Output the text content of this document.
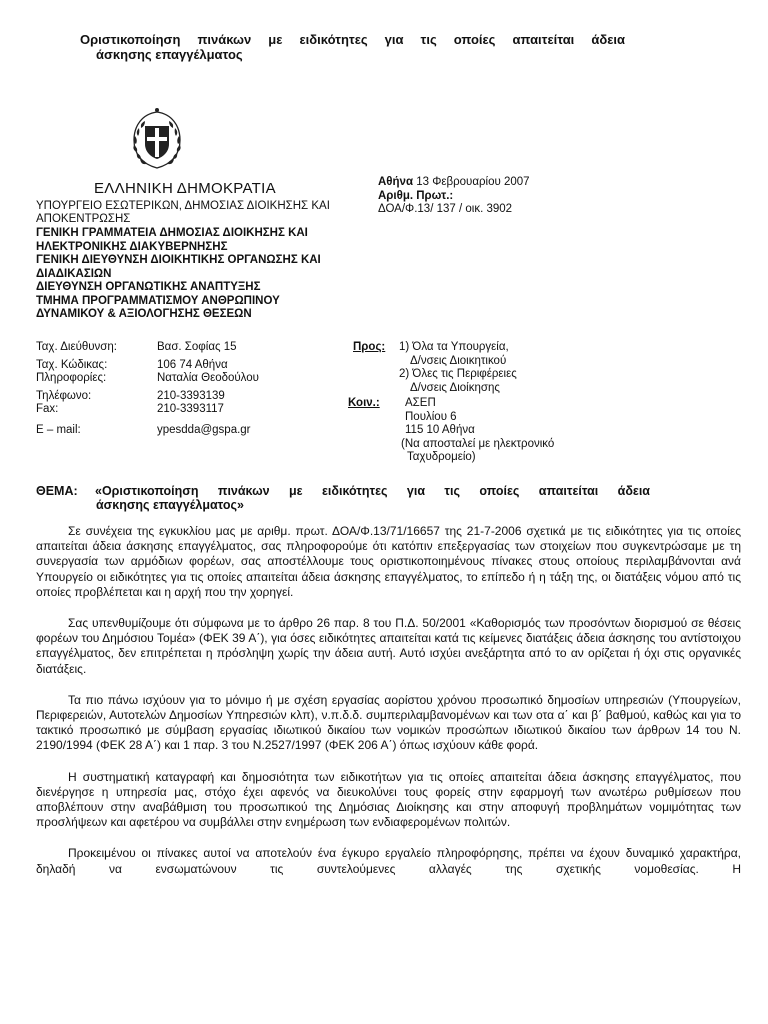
Οριστικοποίηση πινάκων με ειδικότητες για τις οποίες απαιτείται άδεια
άσκησης επαγγέλματος
ΕΛΛΗΝΙΚΗ ΔΗΜΟΚΡΑΤΙΑ
ΥΠΟΥΡΓΕΙΟ ΕΣΩΤΕΡΙΚΩΝ, ΔΗΜΟΣΙΑΣ ΔΙΟΙΚΗΣΗΣ ΚΑΙ ΑΠΟΚΕΝΤΡΩΣΗΣ
ΓΕΝΙΚΗ ΓΡΑΜΜΑΤΕΙΑ ΔΗΜΟΣΙΑΣ ΔΙΟΙΚΗΣΗΣ ΚΑΙ
ΗΛΕΚΤΡΟΝΙΚΗΣ ΔΙΑΚΥΒΕΡΝΗΣΗΣ
ΓΕΝΙΚΗ ΔΙΕΥΘΥΝΣΗ ΔΙΟΙΚΗΤΙΚΗΣ ΟΡΓΑΝΩΣΗΣ ΚΑΙ
ΔΙΑΔΙΚΑΣΙΩΝ
ΔΙΕΥΘΥΝΣΗ ΟΡΓΑΝΩΤΙΚΗΣ ΑΝΑΠΤΥΞΗΣ
ΤΜΗΜΑ ΠΡΟΓΡΑΜΜΑΤΙΣΜΟΥ ΑΝΘΡΩΠΙΝΟΥ
ΔΥΝΑΜΙΚΟΥ & ΑΞΙΟΛΟΓΗΣΗΣ ΘΕΣΕΩΝ
Αθήνα 13 Φεβρουαρίου 2007
Αριθμ. Πρωτ.:
ΔΟΑ/Φ.13/ 137 / οικ. 3902
Ταχ. Διεύθυνση:	Βασ. Σοφίας 15
Ταχ. Κώδικας:	106 74 Αθήνα
Πληροφορίες:	Ναταλία Θεοδούλου
Τηλέφωνο:	210-3393139
Fax:	210-3393117
E – mail:	ypesdda@gspa.gr
Προς: 1) Όλα τα Υπουργεία,
Δ/νσεις Διοικητικού
2) Όλες τις Περιφέρειες
Δ/νσεις Διοίκησης
Κοιν.:	ΑΣΕΠ
Πουλίου 6
115 10 Αθήνα
(Να αποσταλεί με ηλεκτρονικό
Ταχυδρομείο)
ΘΕΜΑ: «Οριστικοποίηση πινάκων με ειδικότητες για τις οποίες απαιτείται άδεια
άσκησης επαγγέλματος»

Σε συνέχεια της εγκυκλίου μας με αριθμ. πρωτ. ΔΟΑ/Φ.13/71/16657 της 21-7-2006 σχετικά με τις ειδικότητες για τις οποίες απαιτείται άδεια άσκησης επαγγέλματος, σας πληροφορούμε ότι κατόπιν επεξεργασίας των στοιχείων που συγκεντρώσαμε με τη συνεργασία των αρμόδιων φορέων, σας αποστέλλουμε τους οριστικοποιημένους πίνακες στους οποίους περιλαμβάνονται ανά Υπουργείο οι ειδικότητες για τις οποίες απαιτείται άδεια άσκησης επαγγέλματος, το επίπεδο ή η τάξη της, οι διατάξεις νόμου από τις οποίες προβλέπεται και η αρχή που την χορηγεί.

Σας υπενθυμίζουμε ότι σύμφωνα με το άρθρο 26 παρ. 8 του Π.Δ. 50/2001 «Καθορισμός των προσόντων διορισμού σε θέσεις φορέων του Δημόσιου Τομέα» (ΦΕΚ 39 Α΄), για όσες ειδικότητες απαιτείται κατά τις κείμενες διατάξεις άδεια άσκησης του αντίστοιχου επαγγέλματος, δεν επιτρέπεται η πρόσληψη χωρίς την άδεια αυτή. Αυτό ισχύει ανεξάρτητα από το αν ορίζεται ή όχι στις οργανικές διατάξεις.

Τα πιο πάνω ισχύουν για το μόνιμο ή με σχέση εργασίας αορίστου χρόνου προσωπικό δημοσίων υπηρεσιών (Υπουργείων, Περιφερειών, Αυτοτελών Δημοσίων Υπηρεσιών κλπ), ν.π.δ.δ. συμπεριλαμβανομένων και των οτα α΄ και β΄ βαθμού, καθώς και για το τακτικό προσωπικό με σύμβαση εργασίας ιδιωτικού δικαίου των νομικών προσώπων ιδιωτικού δικαίου των άρθρων 14 του Ν. 2190/1994 (ΦΕΚ 28 Α΄) και 1 παρ. 3 του Ν.2527/1997 (ΦΕΚ 206 Α΄) όπως ισχύουν κάθε φορά.

Η συστηματική καταγραφή και δημοσιότητα των ειδικοτήτων για τις οποίες απαιτείται άδεια άσκησης επαγγέλματος, που διενέργησε η υπηρεσία μας, στόχο έχει αφενός να διευκολύνει τους φορείς στην εφαρμογή των ανωτέρω ρυθμίσεων που αποβλέπουν στην αναβάθμιση του προσωπικού της Δημόσιας Διοίκησης και στην αποφυγή προβλημάτων νομιμότητας των προσλήψεων και αφετέρου να συμβάλλει στην ενημέρωση των ενδιαφερομένων πολιτών.

Προκειμένου οι πίνακες αυτοί να αποτελούν ένα έγκυρο εργαλείο πληροφόρησης, πρέπει να έχουν δυναμικό χαρακτήρα, δηλαδή να ενσωματώνουν τις συντελούμενες αλλαγές της σχετικής νομοθεσίας. Η
